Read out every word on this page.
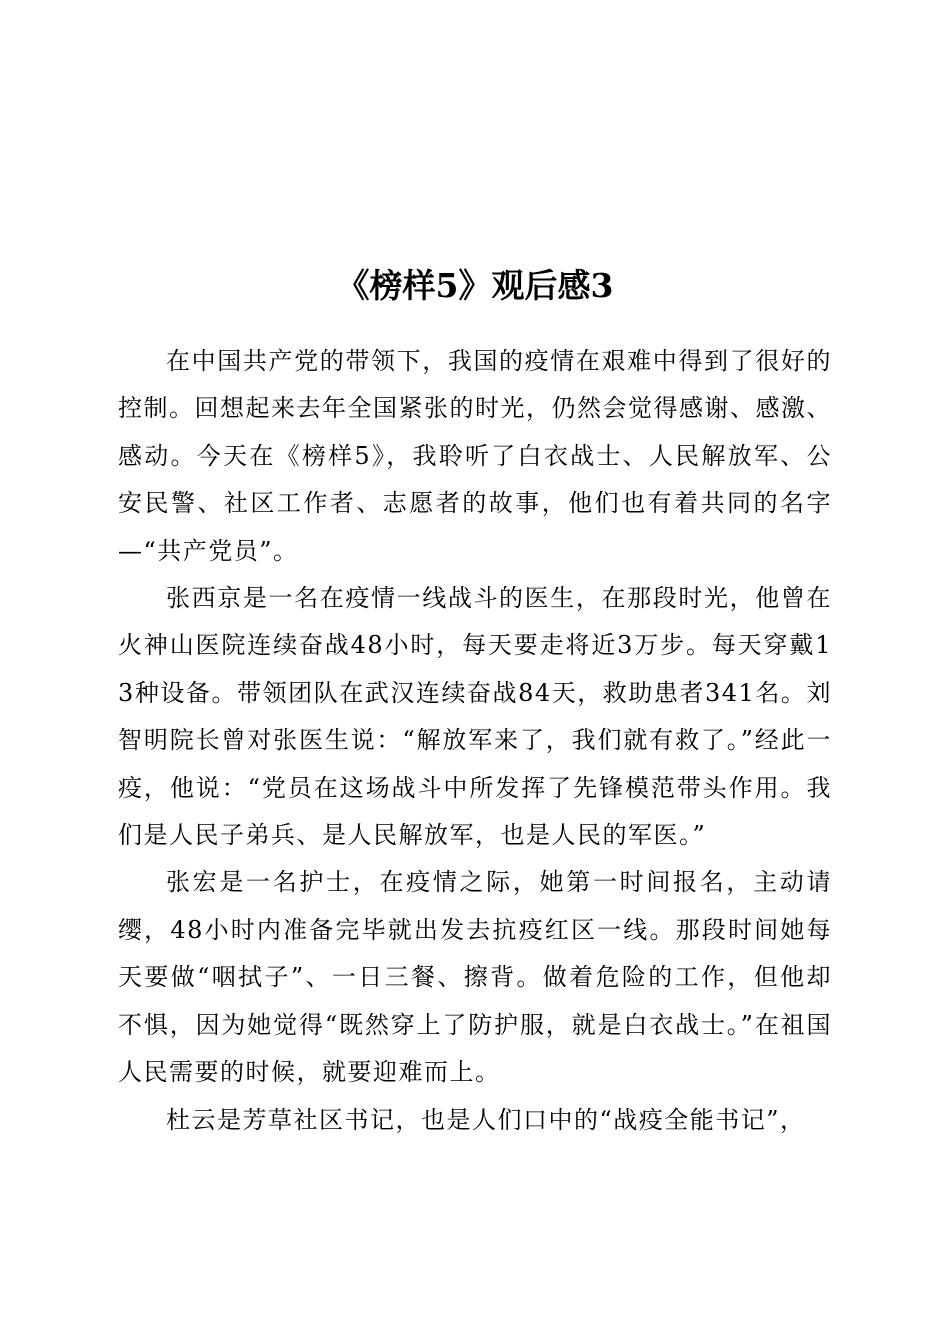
《榜样5》观后感3

在中国共产党的带领下，我国的疫情在艰难中得到了很好的控制。回想起来去年全国紧张的时光，仍然会觉得感谢、感激、感动。今天在《榜样5》，我聆听了白衣战士、人民解放军、公安民警、社区工作者、志愿者的故事，他们也有着共同的名字—“共产党员”。

张西京是一名在疫情一线战斗的医生，在那段时光，他曾在火神山医院连续奋战48小时，每天要走将近3万步。每天穿戴13种设备。带领团队在武汉连续奋战84天，救助患者341名。刘智明院长曾对张医生说：“解放军来了，我们就有救了。”经此一疫，他说：“党员在这场战斗中所发挥了先锋模范带头作用。我们是人民子弟兵、是人民解放军，也是人民的军医。”

张宏是一名护士，在疫情之际，她第一时间报名，主动请缨，48小时内准备完毕就出发去抗疫红区一线。那段时间她每天要做“咽拭子”、一日三餐、擦背。做着危险的工作，但他却不惧，因为她觉得“既然穿上了防护服，就是白衣战士。”在祖国人民需要的时候，就要迎难而上。

杜云是芳草社区书记，也是人们口中的“战疫全能书记”，
